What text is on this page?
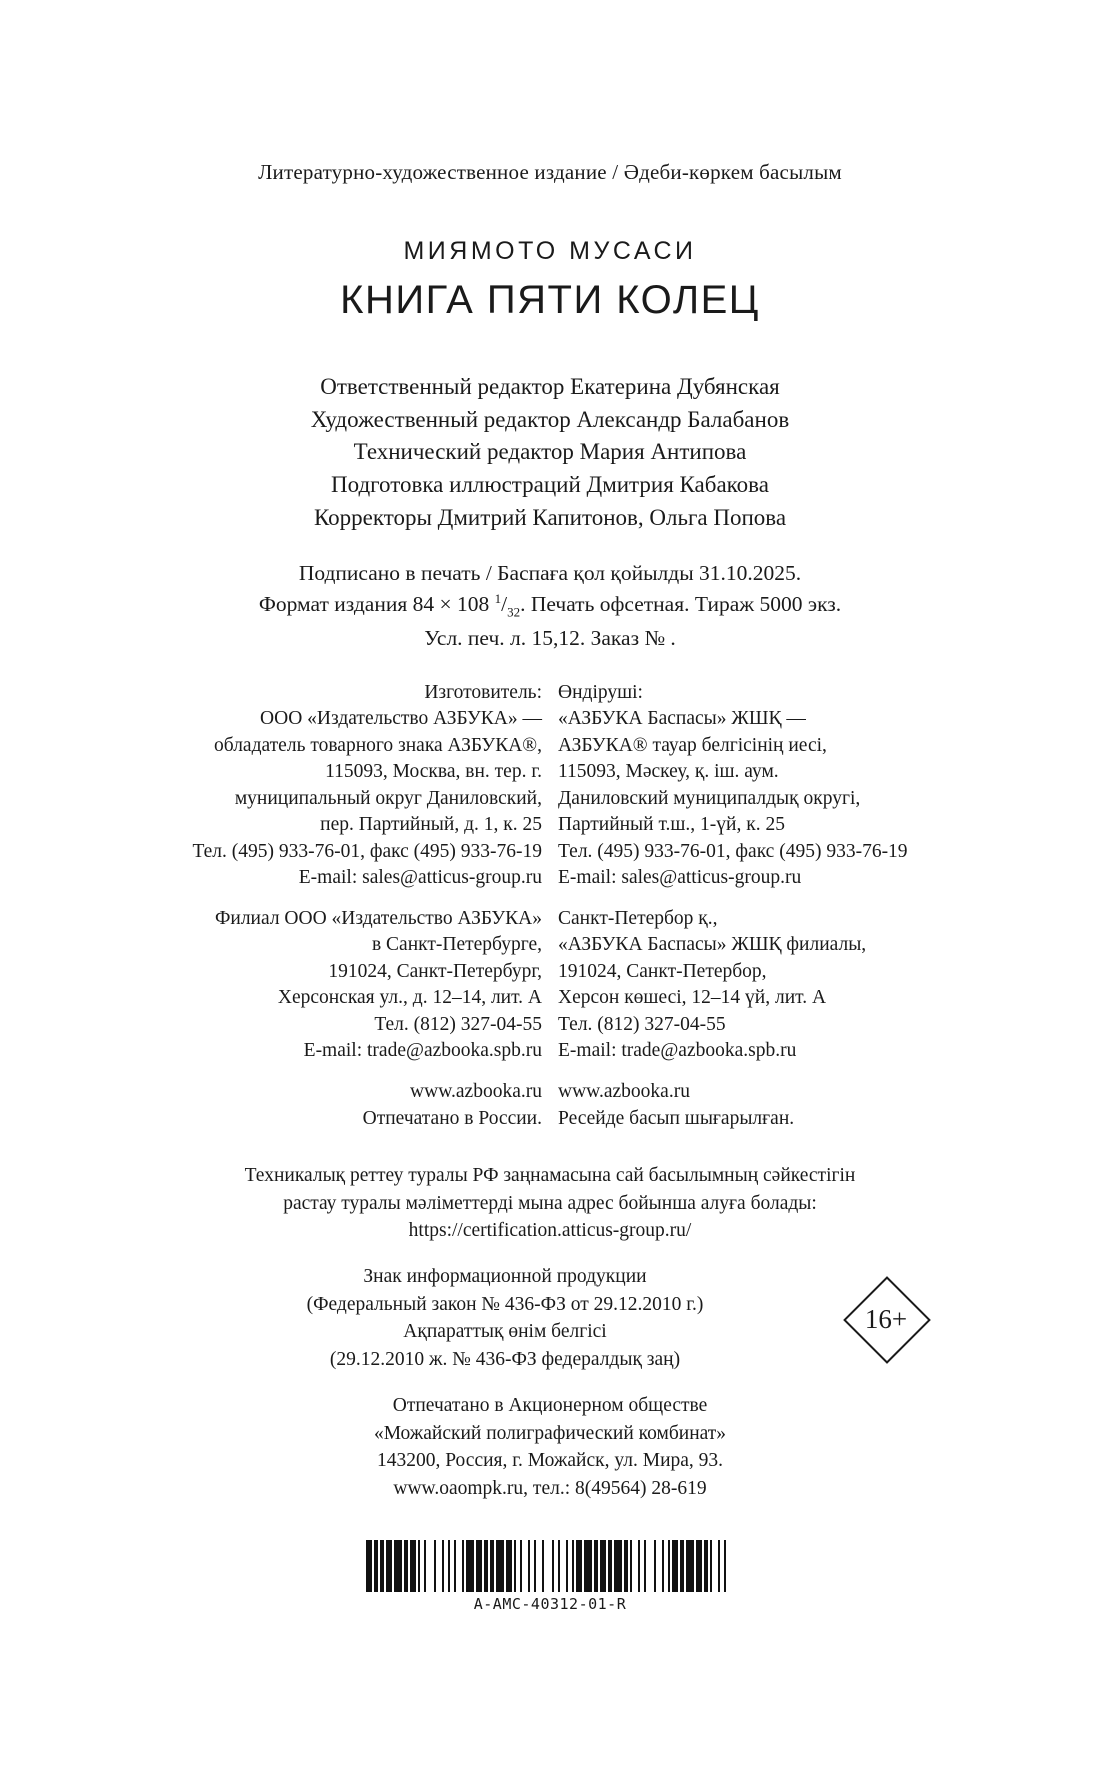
Литературно-художественное издание / Әдеби-көркем басылым
МИЯМОТО МУСАСИ
КНИГА ПЯТИ КОЛЕЦ
Ответственный редактор Екатерина Дубянская
Художественный редактор Александр Балабанов
Технический редактор Мария Антипова
Подготовка иллюстраций Дмитрия Кабакова
Корректоры Дмитрий Капитонов, Ольга Попова
Подписано в печать / Баспаға қол қойылды 31.10.2025.
Формат издания 84 × 108 $^1/_{32}$. Печать офсетная. Тираж 5000 экз.
Усл. печ. л. 15,12. Заказ № .
Изготовитель:
ООО «Издательство АЗБУКА» —
обладатель товарного знака АЗБУКА®,
115093, Москва, вн. тер. г.
муниципальный округ Даниловский,
пер. Партийный, д. 1, к. 25
Тел. (495) 933-76-01, факс (495) 933-76-19
E-mail: sales@atticus-group.ru
Филиал ООО «Издательство АЗБУКА»
в Санкт-Петербурге,
191024, Санкт-Петербург,
Херсонская ул., д. 12–14, лит. А
Тел. (812) 327-04-55
E-mail: trade@azbooka.spb.ru
www.azbooka.ru
Отпечатано в России.
Өндіруші:
«АЗБУКА Баспасы» ЖШҚ —
АЗБУКА® тауар белгісінің иесі,
115093, Мәскеу, қ. іш. аум.
Даниловский муниципалдық округі,
Партийный т.ш., 1-үй, к. 25
Тел. (495) 933-76-01, факс (495) 933-76-19
E-mail: sales@atticus-group.ru
Санкт-Петербор қ.,
«АЗБУКА Баспасы» ЖШҚ филиалы,
191024, Санкт-Петербор,
Херсон көшесі, 12–14 үй, лит. А
Тел. (812) 327-04-55
E-mail: trade@azbooka.spb.ru
www.azbooka.ru
Ресейде басып шығарылған.
Техникалық реттеу туралы РФ заңнамасына сай басылымның сәйкестігін
растау туралы мәліметтерді мына адрес бойынша алуға болады:
https://certification.atticus-group.ru/
Знак информационной продукции
(Федеральный закон № 436-ФЗ от 29.12.2010 г.)
Ақпараттық өнім белгісі
(29.12.2010 ж. № 436-ФЗ федералдық заң)
16+
Отпечатано в Акционерном обществе
«Можайский полиграфический комбинат»
143200, Россия, г. Можайск, ул. Мира, 93.
www.oaompk.ru, тел.: 8(49564) 28-619
A-AMC-40312-01-R
